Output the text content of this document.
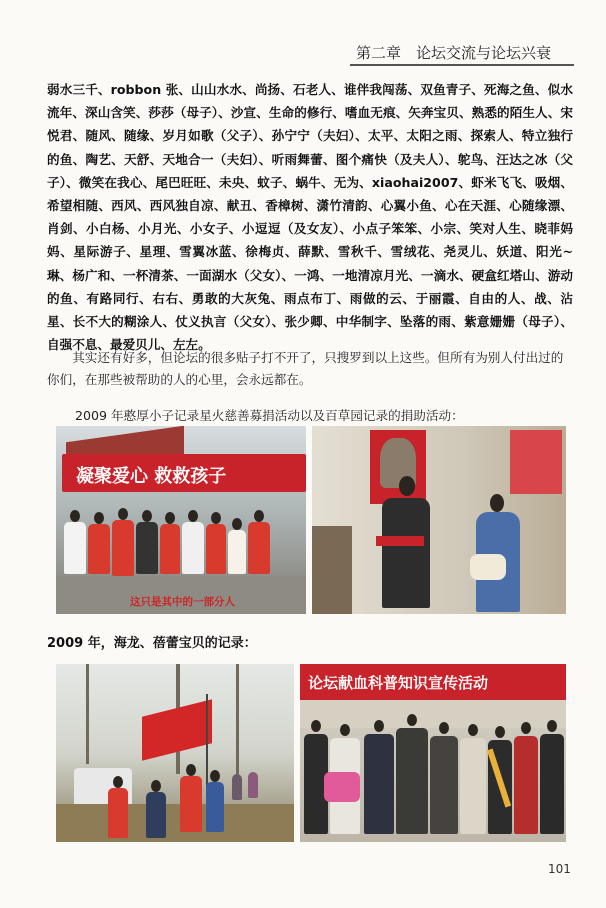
第二章　论坛交流与论坛兴衰
弱水三千、robbon 张、山山水水、尚扬、石老人、谁伴我闯荡、双鱼青子、死海之鱼、似水流年、深山含笑、莎莎（母子）、沙宣、生命的修行、嗜血无痕、矢奔宝贝、熟悉的陌生人、宋悦君、随风、随缘、岁月如歌（父子）、孙宁宁（夫妇）、太平、太阳之雨、探索人、特立独行的鱼、陶艺、天舒、天地合一（夫妇）、听雨舞蕾、图个痛快（及夫人）、鸵鸟、汪达之冰（父子）、微笑在我心、尾巴旺旺、未央、蚊子、蜗牛、无为、xiaohai2007、虾米飞飞、吸烟、希望相随、西风、西风独自凉、献丑、香樟树、潇竹清韵、心翼小鱼、心在天涯、心随缘漂、肖剑、小白杨、小月光、小女子、小逗逗（及女友）、小点子笨笨、小宗、笑对人生、晓菲妈妈、星际游子、星理、雪翼冰蓝、徐梅贞、薛默、雪秋千、雪绒花、尧灵儿、妖道、阳光~琳、杨广和、一杯清茶、一面湖水（父女）、一鸿、一地清凉月光、一滴水、硬盒红塔山、游动的鱼、有路同行、右右、勇敢的大灰兔、雨点布丁、雨做的云、于丽霞、自由的人、战、沾星、长不大的糊涂人、仗义执言（父女）、张少卿、中华制字、坠落的雨、紫意姗姗（母子）、自强不息、最爱贝儿、左左。
其实还有好多，但论坛的很多贴子打不开了，只搜罗到以上这些。但所有为别人付出过的你们，在那些被帮助的人的心里，会永远都在。
2009 年憨厚小子记录星火慈善募捐活动以及百草园记录的捐助活动：
凝聚爱心 救救孩子
这只是其中的一部分人
2009 年，海龙、蓓蕾宝贝的记录：
论坛献血科普知识宣传活动
101
